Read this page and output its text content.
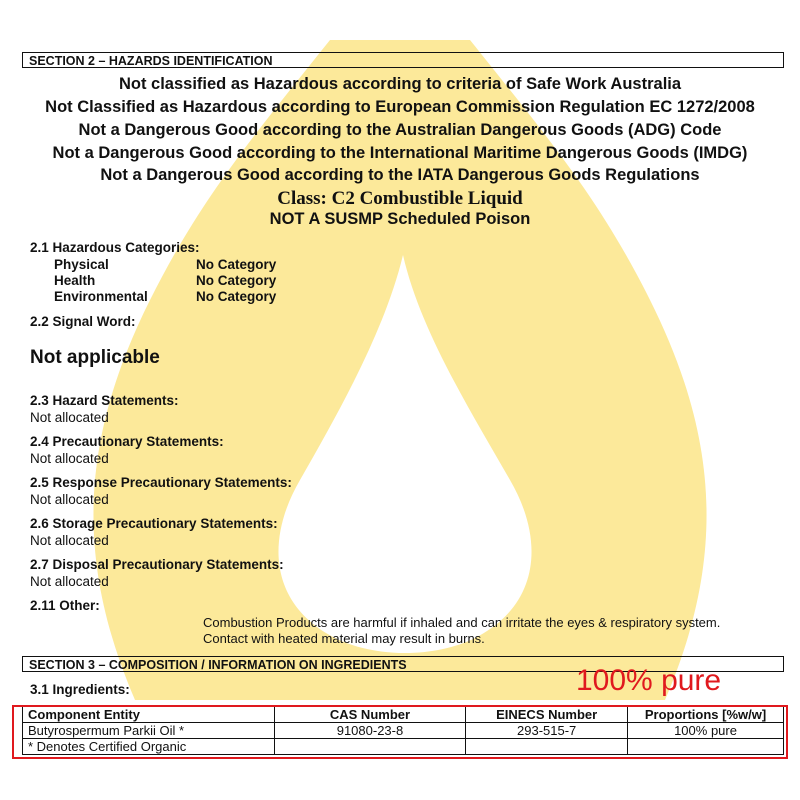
SECTION 2 – HAZARDS IDENTIFICATION
Not classified as Hazardous according to criteria of Safe Work Australia
Not Classified as Hazardous according to European Commission Regulation EC 1272/2008
Not a Dangerous Good according to the Australian Dangerous Goods (ADG) Code
Not a Dangerous Good according to the International Maritime Dangerous Goods (IMDG)
Not a Dangerous Good according to the IATA Dangerous Goods Regulations
Class: C2 Combustible Liquid
NOT A SUSMP Scheduled Poison
2.1 Hazardous Categories:
Physical	No Category
Health	No Category
Environmental	No Category
2.2 Signal Word:
Not applicable
2.3 Hazard Statements:
Not allocated
2.4 Precautionary Statements:
Not allocated
2.5 Response Precautionary Statements:
Not allocated
2.6 Storage Precautionary Statements:
Not allocated
2.7 Disposal Precautionary Statements:
Not allocated
2.11 Other:
Combustion Products are harmful if inhaled and can irritate the eyes & respiratory system.
Contact with heated material may result in burns.
SECTION 3 – COMPOSITION / INFORMATION ON INGREDIENTS
3.1 Ingredients:
Component Entity	CAS Number	EINECS Number	Proportions [%w/w]
Butyrospermum Parkii Oil *	91080-23-8	293-515-7	100% pure
* Denotes Certified Organic			
100% pure
